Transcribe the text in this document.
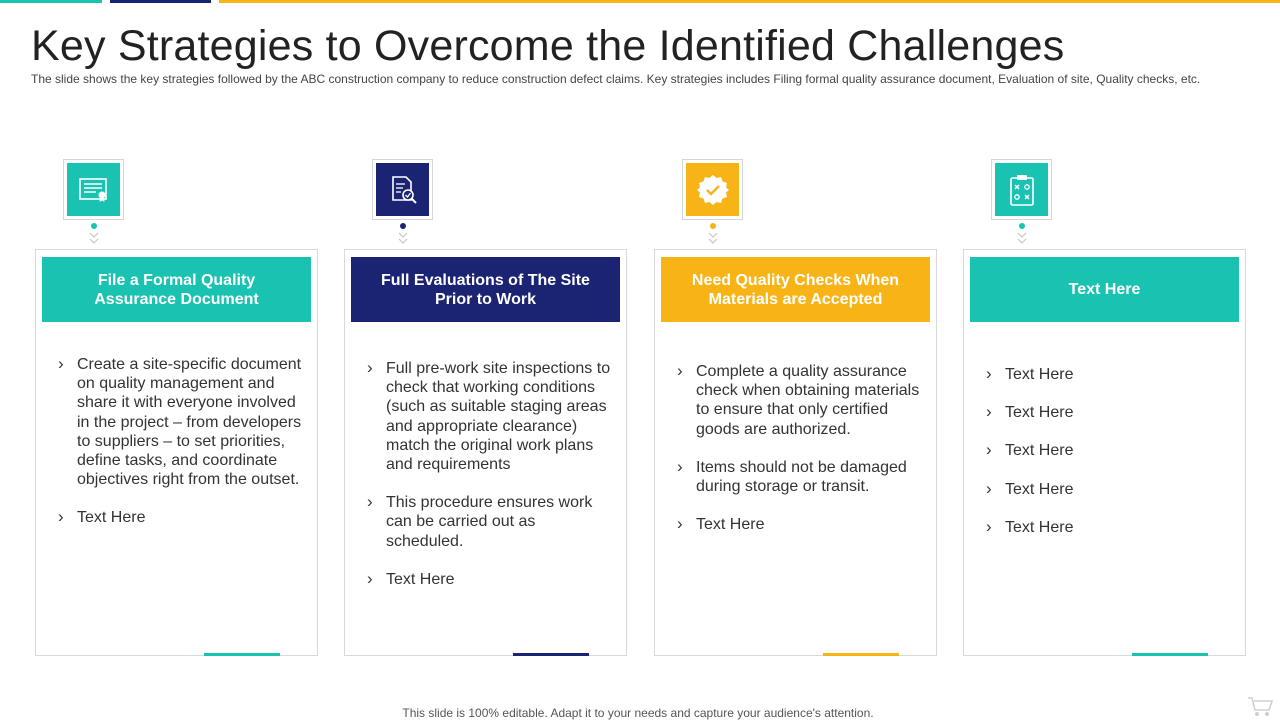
Key Strategies to Overcome the Identified Challenges

The slide shows the key strategies followed by the ABC construction company to reduce construction defect claims. Key strategies includes Filing formal quality assurance document, Evaluation of site, Quality checks, etc.

File a Formal Quality Assurance Document
› Create a site-specific document on quality management and share it with everyone involved in the project – from developers to suppliers – to set priorities, define tasks, and coordinate objectives right from the outset.
› Text Here
Full Evaluations of The Site Prior to Work
› Full pre-work site inspections to check that working conditions (such as suitable staging areas and appropriate clearance) match the original work plans and requirements
› This procedure ensures work can be carried out as scheduled.
› Text Here
Need Quality Checks When Materials are Accepted
› Complete a quality assurance check when obtaining materials to ensure that only certified goods are authorized.
› Items should not be damaged during storage or transit.
› Text Here
Text Here
› Text Here
› Text Here
› Text Here
› Text Here
› Text Here

This slide is 100% editable. Adapt it to your needs and capture your audience's attention.
